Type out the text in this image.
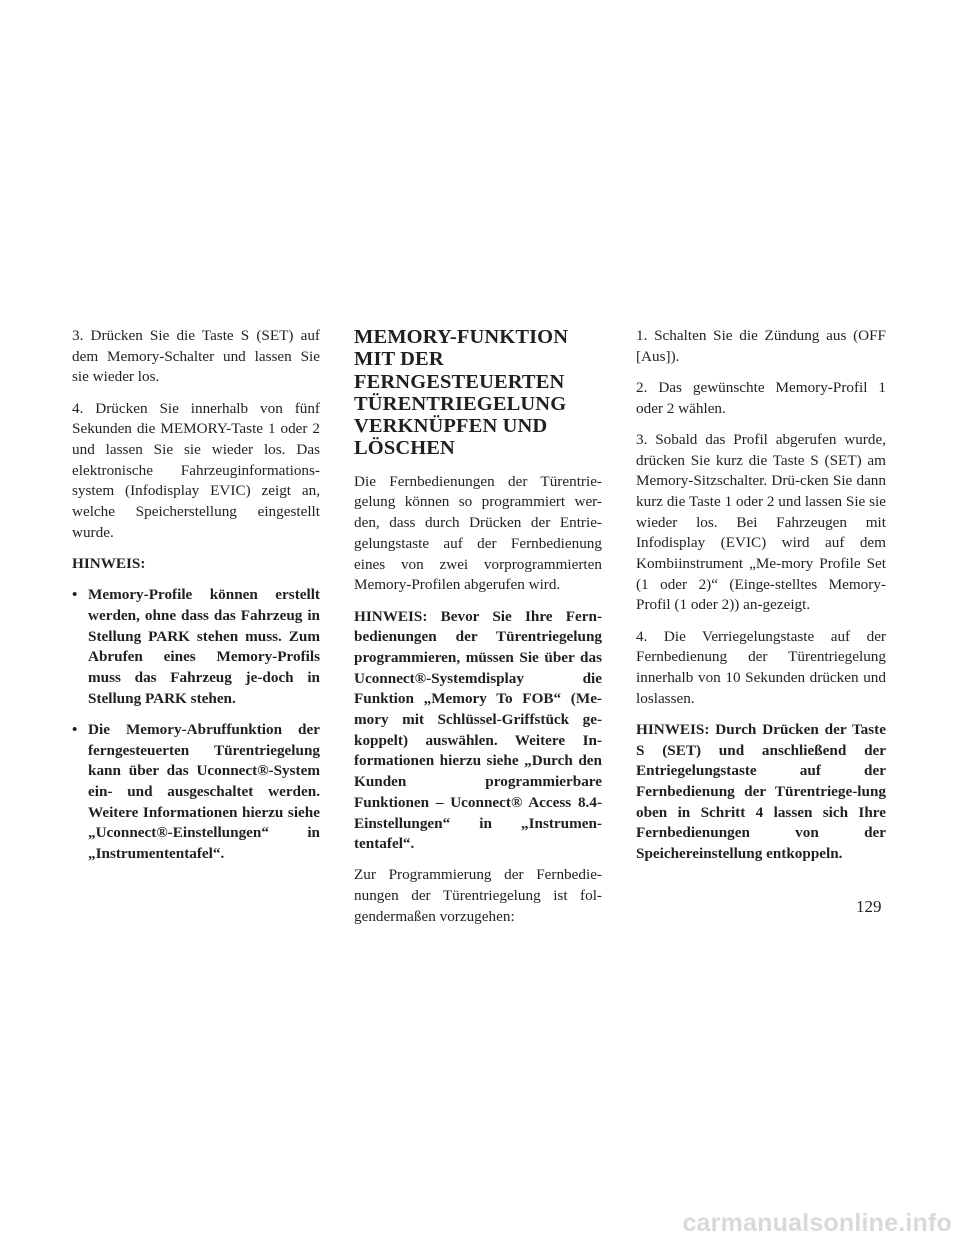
3. Drücken Sie die Taste S (SET) auf dem Memory-Schalter und lassen Sie sie wieder los.

4. Drücken Sie innerhalb von fünf Sekunden die MEMORY-Taste 1 oder 2 und lassen Sie sie wieder los. Das elektronische Fahrzeuginformations-system (Infodisplay EVIC) zeigt an, welche Speicherstellung eingestellt wurde.

HINWEIS:

• Memory-Profile können erstellt werden, ohne dass das Fahrzeug in Stellung PARK stehen muss. Zum Abrufen eines Memory-Profils muss das Fahrzeug je-doch in Stellung PARK stehen.
• Die Memory-Abruffunktion der ferngesteuerten Türentriegelung kann über das Uconnect®-System ein- und ausgeschaltet werden. Weitere Informationen hierzu siehe „Uconnect®-Einstellungen“ in „Instrumententafel“.
MEMORY-FUNKTION MIT DER FERNGESTEUERTEN TÜRENTRIEGELUNG VERKNÜPFEN UND LÖSCHEN

Die Fernbedienungen der Türentrie-gelung können so programmiert wer-den, dass durch Drücken der Entrie-gelungstaste auf der Fernbedienung eines von zwei vorprogrammierten Memory-Profilen abgerufen wird.

HINWEIS: Bevor Sie Ihre Fern-bedienungen der Türentriegelung programmieren, müssen Sie über das Uconnect®-Systemdisplay die Funktion „Memory To FOB“ (Me-mory mit Schlüssel-Griffstück ge-koppelt) auswählen. Weitere In-formationen hierzu siehe „Durch den Kunden programmierbare Funktionen – Uconnect® Access 8.4-Einstellungen“ in „Instrumen-tentafel“.

Zur Programmierung der Fernbedie-nungen der Türentriegelung ist fol-gendermaßen vorzugehen:

1. Schalten Sie die Zündung aus (OFF [Aus]).

2. Das gewünschte Memory-Profil 1 oder 2 wählen.

3. Sobald das Profil abgerufen wurde, drücken Sie kurz die Taste S (SET) am Memory-Sitzschalter. Drü-cken Sie dann kurz die Taste 1 oder 2 und lassen Sie sie wieder los. Bei Fahrzeugen mit Infodisplay (EVIC) wird auf dem Kombiinstrument „Me-mory Profile Set (1 oder 2)“ (Einge-stelltes Memory-Profil (1 oder 2)) an-gezeigt.

4. Die Verriegelungstaste auf der Fernbedienung der Türentriegelung innerhalb von 10 Sekunden drücken und loslassen.

HINWEIS: Durch Drücken der Taste S (SET) und anschließend der Entriegelungstaste auf der Fernbedienung der Türentriege-lung oben in Schritt 4 lassen sich Ihre Fernbedienungen von der Speichereinstellung entkoppeln.

129
carmanualsonline.info
